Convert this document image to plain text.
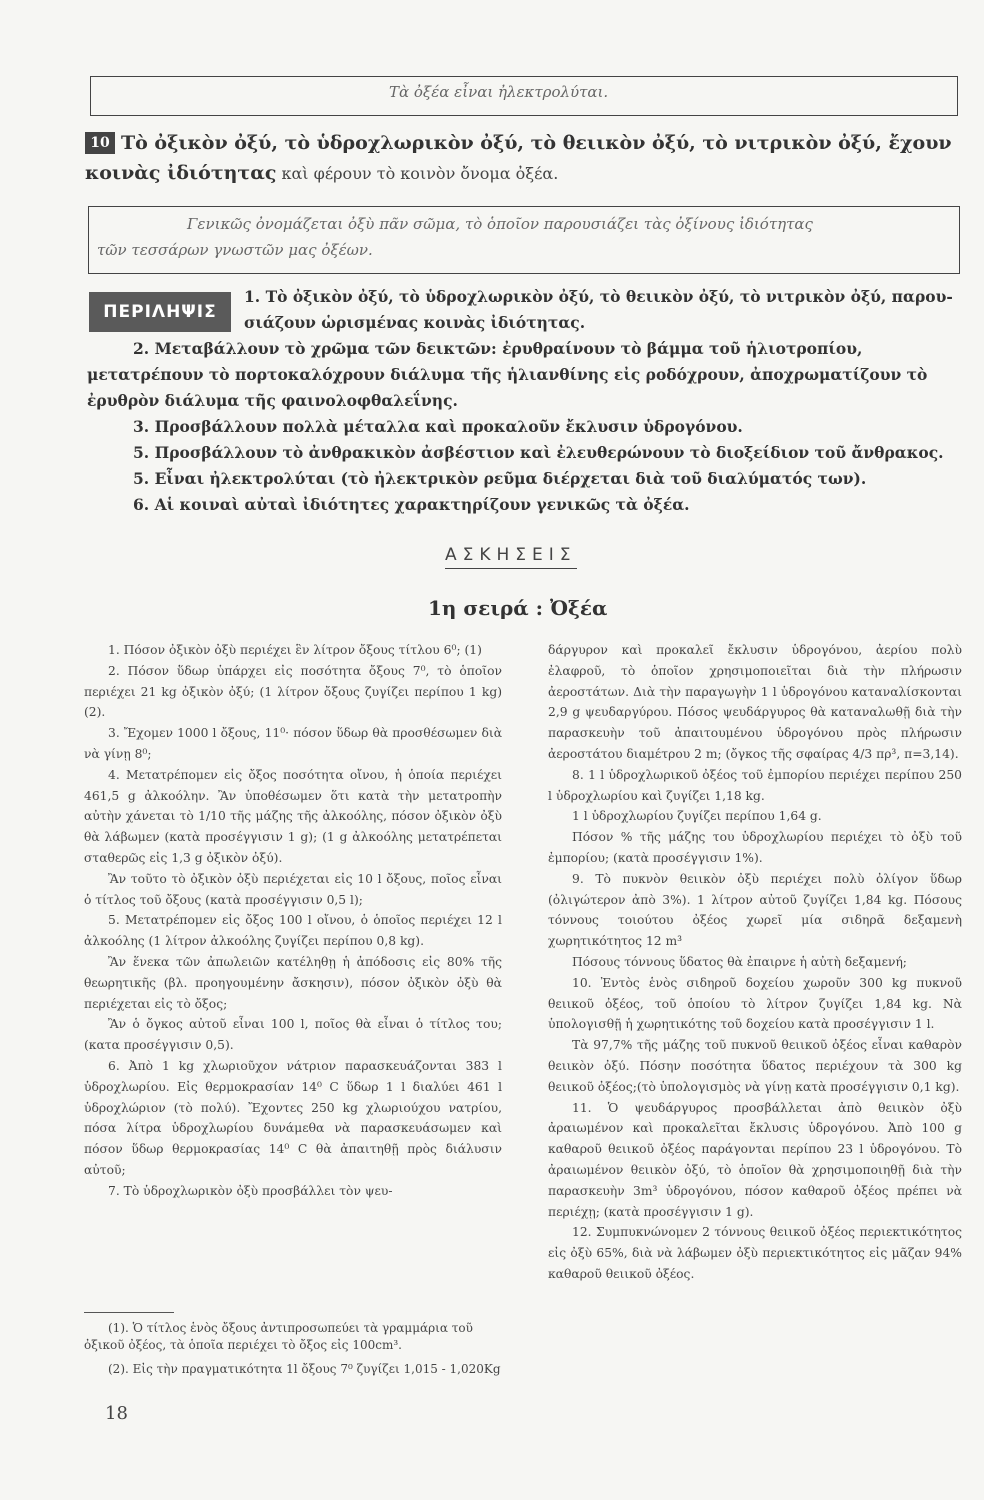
Τὰ ὀξέα εἶναι ἠλεκτρολύται.
10 Τὸ ὀξικὸν ὀξύ, τὸ ὑδροχλωρικὸν ὀξύ, τὸ θειικὸν ὀξύ, τὸ νιτρικὸν ὀξύ, ἔχουν κοινὰς ἰδιότητας καὶ φέρουν τὸ κοινὸν ὄνομα ὀξέα.

Γενικῶς ὀνομάζεται ὀξὺ πᾶν σῶμα, τὸ ὁποῖον παρουσιάζει τὰς ὀξίνους ἰδιότητας

τῶν τεσσάρων γνωστῶν μας ὀξέων.

ΠΕΡΙΛΗΨΙΣ

1. Τὸ ὀξικὸν ὀξύ, τὸ ὑδροχλωρικὸν ὀξύ, τὸ θειικὸν ὀξύ, τὸ νιτρικὸν ὀξύ, παρου-

σιάζουν ὡρισμένας κοινὰς ἰδιότητας.

2. Μεταβάλλουν τὸ χρῶμα τῶν δεικτῶν: ἐρυθραίνουν τὸ βάμμα τοῦ ἡλιοτροπίου, μετατρέπουν τὸ πορτοκαλόχρουν διάλυμα τῆς ἡλιανθίνης εἰς ροδόχρουν, ἀποχρωματίζουν τὸ ἐρυθρὸν διάλυμα τῆς φαινολοφθαλεΐνης.

3. Προσβάλλουν πολλὰ μέταλλα καὶ προκαλοῦν ἔκλυσιν ὑδρογόνου.

5. Προσβάλλουν τὸ ἀνθρακικὸν ἀσβέστιον καὶ ἐλευθερώνουν τὸ διοξείδιον τοῦ ἄνθρακος.

5. Εἶναι ἠλεκτρολύται (τὸ ἠλεκτρικὸν ρεῦμα διέρχεται διὰ τοῦ διαλύματός των).

6. Αἱ κοιναὶ αὐταὶ ἰδιότητες χαρακτηρίζουν γενικῶς τὰ ὀξέα.

ΑΣΚΗΣΕΙΣ
1η σειρά : Ὀξέα

1. Πόσον ὀξικὸν ὀξὺ περιέχει ἓν λίτρον ὄξους τίτλου 6⁰; (1)

2. Πόσον ὕδωρ ὑπάρχει εἰς ποσότητα ὄξους 7⁰, τὸ ὁποῖον περιέχει 21 kg ὀξικὸν ὀξύ; (1 λίτρον ὄξους ζυγίζει περίπου 1 kg) (2).

3. Ἔχομεν 1000 l ὄξους, 11⁰· πόσον ὕδωρ θὰ προσθέσωμεν διὰ νὰ γίνῃ 8⁰;

4. Μετατρέπομεν εἰς ὄξος ποσότητα οἴνου, ἡ ὁποία περιέχει 461,5 g ἀλκοόλην. Ἂν ὑποθέσωμεν ὅτι κατὰ τὴν μετατροπὴν αὐτὴν χάνεται τὸ 1/10 τῆς μάζης τῆς ἀλκοόλης, πόσον ὀξικὸν ὀξὺ θὰ λάβωμεν (κατὰ προσέγγισιν 1 g); (1 g ἀλκοόλης μετατρέπεται σταθερῶς εἰς 1,3 g ὀξικὸν ὀξύ).

Ἂν τοῦτο τὸ ὀξικὸν ὀξὺ περιέχεται εἰς 10 l ὄξους, ποῖος εἶναι ὁ τίτλος τοῦ ὄξους (κατὰ προσέγγισιν 0,5 l);

5. Μετατρέπομεν εἰς ὄξος 100 l οἴνου, ὁ ὁποῖος περιέχει 12 l ἀλκοόλης (1 λίτρον ἀλκοόλης ζυγίζει περίπου 0,8 kg).

Ἂν ἕνεκα τῶν ἀπωλειῶν κατέληθῃ ἡ ἀπόδοσις εἰς 80% τῆς θεωρητικῆς (βλ. προηγουμένην ἄσκησιν), πόσον ὀξικὸν ὀξὺ θὰ περιέχεται εἰς τὸ ὄξος;

Ἂν ὁ ὄγκος αὐτοῦ εἶναι 100 l, ποῖος θὰ εἶναι ὁ τίτλος του; (κατα προσέγγισιν 0,5).

6. Ἀπὸ 1 kg χλωριοῦχον νάτριον παρασκευάζονται 383 l ὑδροχλωρίου. Εἰς θερμοκρασίαν 14⁰ C ὕδωρ 1 l διαλύει 461 l ὑδροχλώριον (τὸ πολύ). Ἔχοντες 250 kg χλωριούχου νατρίου, πόσα λίτρα ὑδροχλωρίου δυνάμεθα νὰ παρασκευάσωμεν καὶ πόσον ὕδωρ θερμοκρασίας 14⁰ C θὰ ἀπαιτηθῇ πρὸς διάλυσιν αὐτοῦ;

7. Τὸ ὑδροχλωρικὸν ὀξὺ προσβάλλει τὸν ψευ-

δάργυρον καὶ προκαλεῖ ἔκλυσιν ὑδρογόνου, ἀερίου πολὺ ἐλαφροῦ, τὸ ὁποῖον χρησιμοποιεῖται διὰ τὴν πλήρωσιν ἀεροστάτων. Διὰ τὴν παραγωγὴν 1 l ὑδρογόνου καταναλίσκονται 2,9 g ψευδαργύρου. Πόσος ψευδάργυρος θὰ καταναλωθῇ διὰ τὴν παρασκευὴν τοῦ ἀπαιτουμένου ὑδρογόνου πρὸς πλήρωσιν ἀεροστάτου διαμέτρου 2 m; (ὄγκος τῆς σφαίρας 4/3 πρ³, π=3,14).

8. 1 l ὑδροχλωρικοῦ ὀξέος τοῦ ἐμπορίου περιέχει περίπου 250 l ὑδροχλωρίου καὶ ζυγίζει 1,18 kg.

1 l ὑδροχλωρίου ζυγίζει περίπου 1,64 g.

Πόσον % τῆς μάζης του ὑδροχλωρίου περιέχει τὸ ὀξὺ τοῦ ἐμπορίου; (κατὰ προσέγγισιν 1%).

9. Τὸ πυκνὸν θειικὸν ὀξὺ περιέχει πολὺ ὀλίγον ὕδωρ (ὀλιγώτερον ἀπὸ 3%). 1 λίτρον αὐτοῦ ζυγίζει 1,84 kg. Πόσους τόννους τοιούτου ὀξέος χωρεῖ μία σιδηρᾶ δεξαμενὴ χωρητικότητος 12 m³

Πόσους τόννους ὕδατος θὰ ἐπαιρνε ἡ αὐτὴ δεξαμενή;

10. Ἐντὸς ἑνὸς σιδηροῦ δοχείου χωροῦν 300 kg πυκνοῦ θειικοῦ ὀξέος, τοῦ ὁποίου τὸ λίτρον ζυγίζει 1,84 kg. Νὰ ὑπολογισθῇ ἡ χωρητικότης τοῦ δοχείου κατὰ προσέγγισιν 1 l.

Τὰ 97,7% τῆς μάζης τοῦ πυκνοῦ θειικοῦ ὀξέος εἶναι καθαρὸν θειικὸν ὀξύ. Πόσην ποσότητα ὕδατος περιέχουν τὰ 300 kg θειικοῦ ὀξέος;(τὸ ὑπολογισμὸς νὰ γίνῃ κατὰ προσέγγισιν 0,1 kg).

11. Ὁ ψευδάργυρος προσβάλλεται ἀπὸ θειικὸν ὀξὺ ἀραιωμένον καὶ προκαλεῖται ἔκλυσις ὑδρογόνου. Ἀπὸ 100 g καθαροῦ θειικοῦ ὀξέος παράγονται περίπου 23 l ὑδρογόνου. Τὸ ἀραιωμένον θειικὸν ὀξύ, τὸ ὁποῖον θὰ χρησιμοποιηθῇ διὰ τὴν παρασκευὴν 3m³ ὑδρογόνου, πόσον καθαροῦ ὀξέος πρέπει νὰ περιέχῃ; (κατὰ προσέγγισιν 1 g).

12. Συμπυκνώνομεν 2 τόννους θειικοῦ ὀξέος περιεκτικότητος εἰς ὀξὺ 65%, διὰ νὰ λάβωμεν ὀξὺ περιεκτικότητος εἰς μᾶζαν 94% καθαροῦ θειικοῦ ὀξέος.

(1). Ὁ τίτλος ἑνὸς ὄξους ἀντιπροσωπεύει τὰ γραμμάρια τοῦ ὀξικοῦ ὀξέος, τὰ ὁποῖα περιέχει τὸ ὄξος εἰς 100cm³.

(2). Εἰς τὴν πραγματικότητα 1l ὄξους 7⁰ ζυγίζει 1,015 - 1,020Kg

18
